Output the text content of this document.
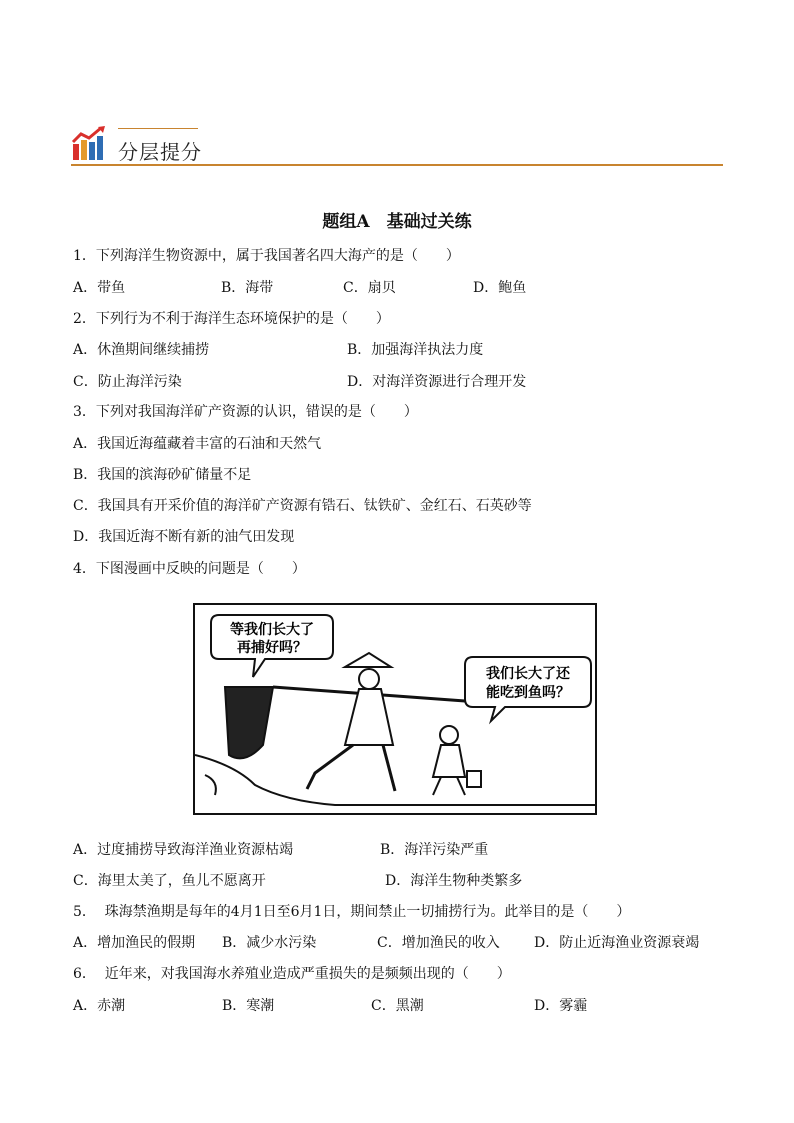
分层提分
题组A　基础过关练
1．下列海洋生物资源中，属于我国著名四大海产的是（　　）
A．带鱼	B．海带	C．扇贝	D．鲍鱼
2．下列行为不利于海洋生态环境保护的是（　　）
A．休渔期间继续捕捞	B．加强海洋执法力度
C．防止海洋污染	D．对海洋资源进行合理开发
3．下列对我国海洋矿产资源的认识，错误的是（　　）
A．我国近海蕴藏着丰富的石油和天然气
B．我国的滨海砂矿储量不足
C．我国具有开采价值的海洋矿产资源有锆石、钛铁矿、金红石、石英砂等
D．我国近海不断有新的油气田发现
4．下图漫画中反映的问题是（　　）
等我们长大了
再捕好吗？
我们长大了还
能吃到鱼吗？
A．过度捕捞导致海洋渔业资源枯竭	B．海洋污染严重
C．海里太美了，鱼儿不愿离开	D．海洋生物种类繁多
5．  珠海禁渔期是每年的4月1日至6月1日，期间禁止一切捕捞行为。此举目的是（　　）
A．增加渔民的假期 B．减少水污染	C．增加渔民的收入 D．防止近海渔业资源衰竭
6．  近年来，对我国海水养殖业造成严重损失的是频频出现的（　　）
A．赤潮	B．寒潮	C．黑潮	D．雾霾
